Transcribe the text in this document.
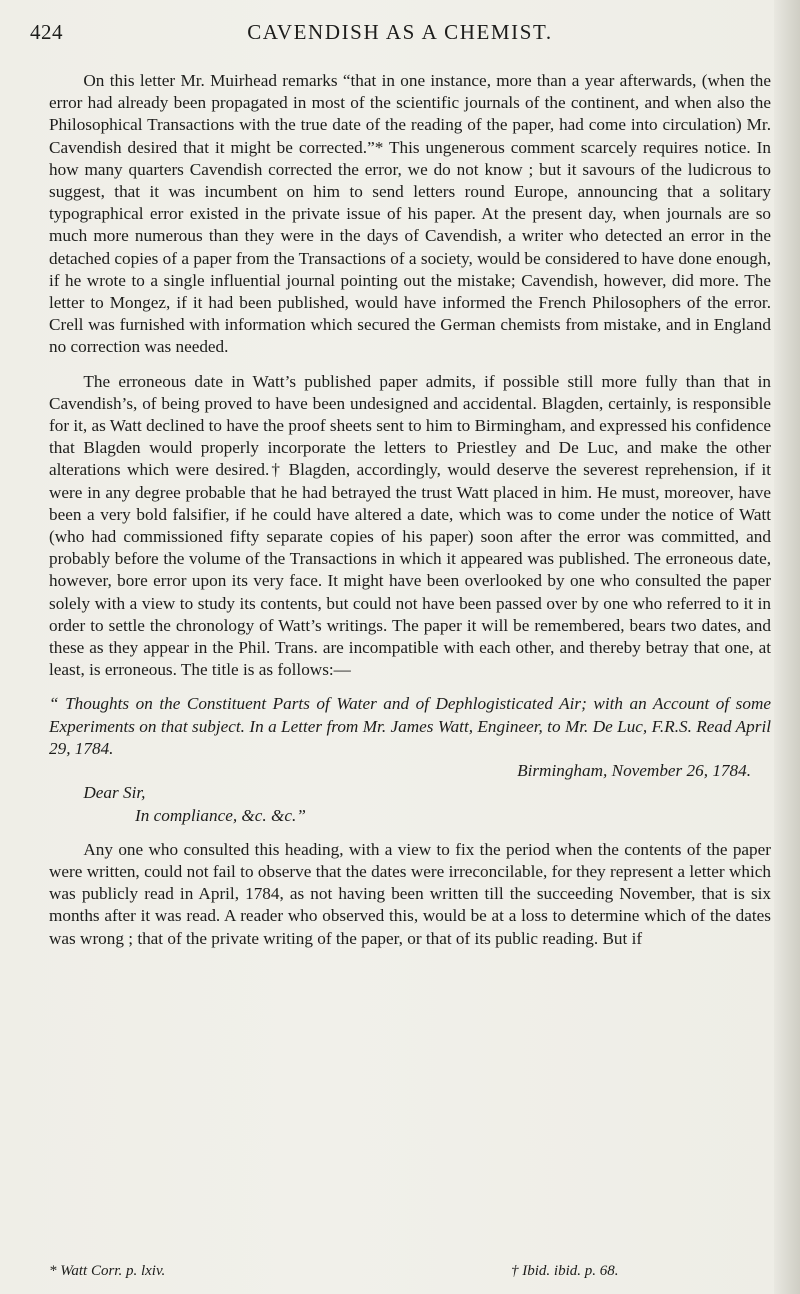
424	CAVENDISH AS A CHEMIST.

On this letter Mr. Muirhead remarks “that in one instance, more than a year afterwards, (when the error had already been propagated in most of the scientific journals of the continent, and when also the Philosophical Transactions with the true date of the reading of the paper, had come into circulation) Mr. Cavendish desired that it might be corrected.”* This ungenerous comment scarcely requires notice. In how many quarters Cavendish corrected the error, we do not know ; but it savours of the ludicrous to suggest, that it was incumbent on him to send letters round Europe, announcing that a solitary typographical error existed in the private issue of his paper. At the present day, when journals are so much more numerous than they were in the days of Cavendish, a writer who detected an error in the detached copies of a paper from the Transactions of a society, would be considered to have done enough, if he wrote to a single influential journal pointing out the mistake; Cavendish, however, did more. The letter to Mongez, if it had been published, would have informed the French Philosophers of the error. Crell was furnished with information which secured the German chemists from mistake, and in England no correction was needed.

The erroneous date in Watt’s published paper admits, if possible still more fully than that in Cavendish’s, of being proved to have been undesigned and accidental. Blagden, certainly, is responsible for it, as Watt declined to have the proof sheets sent to him to Birmingham, and expressed his confidence that Blagden would properly incorporate the letters to Priestley and De Luc, and make the other alterations which were desired.† Blagden, accordingly, would deserve the severest reprehension, if it were in any degree probable that he had betrayed the trust Watt placed in him. He must, moreover, have been a very bold falsifier, if he could have altered a date, which was to come under the notice of Watt (who had commissioned fifty separate copies of his paper) soon after the error was committed, and probably before the volume of the Transactions in which it appeared was published. The erroneous date, however, bore error upon its very face. It might have been overlooked by one who consulted the paper solely with a view to study its contents, but could not have been passed over by one who referred to it in order to settle the chronology of Watt’s writings. The paper it will be remembered, bears two dates, and these as they appear in the Phil. Trans. are incompatible with each other, and thereby betray that one, at least, is erroneous. The title is as follows:—

“ Thoughts on the Constituent Parts of Water and of Dephlogisticated Air; with an Account of some Experiments on that subject. In a Letter from Mr. James Watt, Engineer, to Mr. De Luc, F.R.S. Read April 29, 1784.
Birmingham, November 26, 1784.
Dear Sir,
In compliance, &c. &c.”

Any one who consulted this heading, with a view to fix the period when the contents of the paper were written, could not fail to observe that the dates were irreconcilable, for they represent a letter which was publicly read in April, 1784, as not having been written till the succeeding November, that is six months after it was read. A reader who observed this, would be at a loss to determine which of the dates was wrong ; that of the private writing of the paper, or that of its public reading. But if

* Watt Corr. p. lxiv.	† Ibid. ibid. p. 68.
